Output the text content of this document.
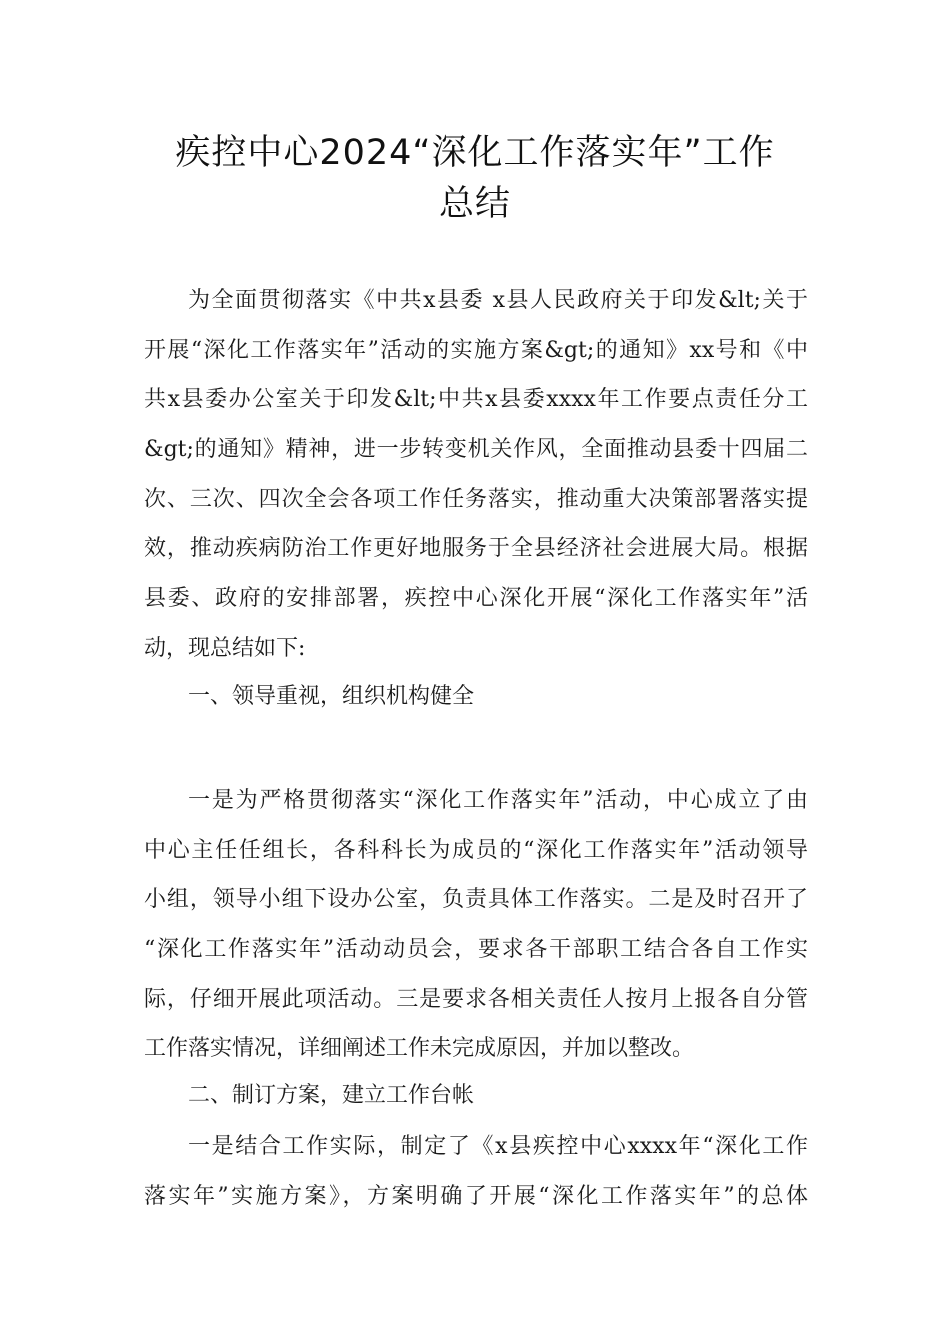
疾控中心2024“深化工作落实年”工作
总结
为全面贯彻落实《中共x县委 x县人民政府关于印发&lt;关于
开展“深化工作落实年”活动的实施方案&gt;的通知》xx号和《中
共x县委办公室关于印发&lt;中共x县委xxxx年工作要点责任分工
&gt;的通知》精神，进一步转变机关作风，全面推动县委十四届二
次、三次、四次全会各项工作任务落实，推动重大决策部署落实提
效，推动疾病防治工作更好地服务于全县经济社会进展大局。根据
县委、政府的安排部署，疾控中心深化开展“深化工作落实年”活
动，现总结如下:

一、领导重视，组织机构健全

一是为严格贯彻落实“深化工作落实年”活动，中心成立了由
中心主任任组长，各科科长为成员的“深化工作落实年”活动领导
小组，领导小组下设办公室，负责具体工作落实。二是及时召开了
“深化工作落实年”活动动员会，要求各干部职工结合各自工作实
际，仔细开展此项活动。三是要求各相关责任人按月上报各自分管
工作落实情况，详细阐述工作未完成原因，并加以整改。

二、制订方案，建立工作台帐

一是结合工作实际，制定了《x县疾控中心xxxx年“深化工作
落实年”实施方案》，方案明确了开展“深化工作落实年”的总体
